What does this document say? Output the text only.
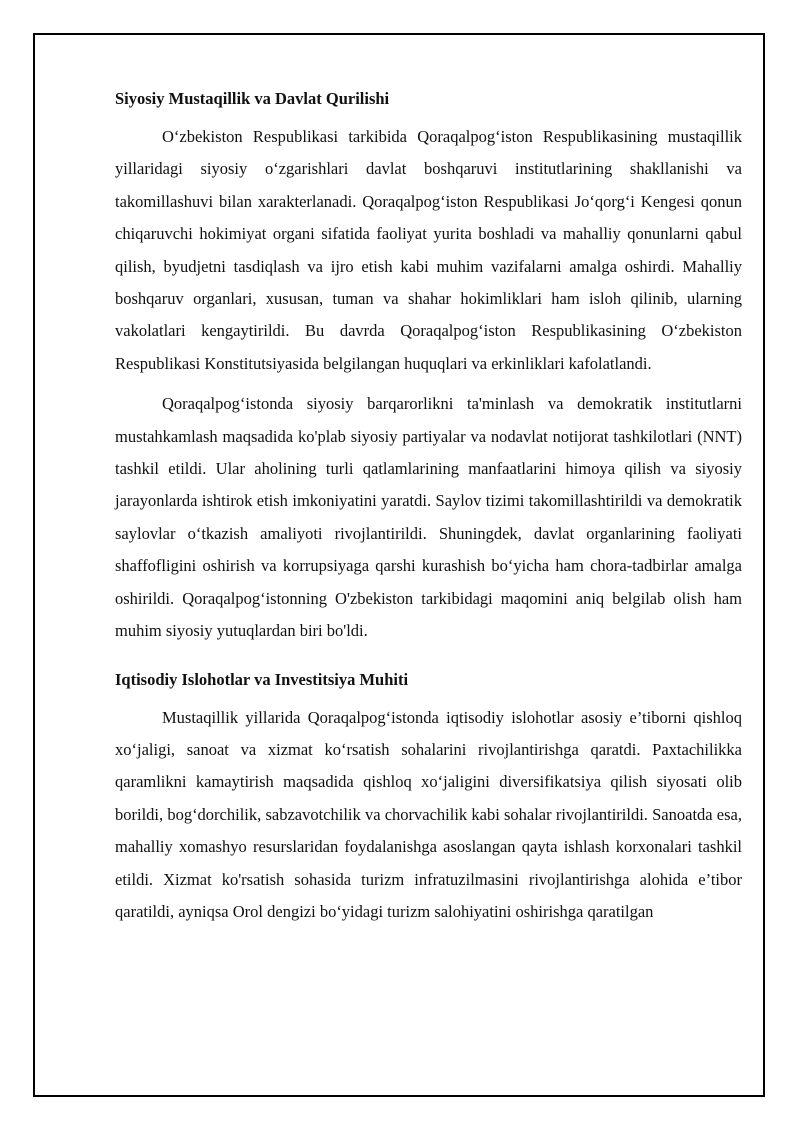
Siyosiy Mustaqillik va Davlat Qurilishi

O‘zbekiston Respublikasi tarkibida Qoraqalpog‘iston Respublikasining mustaqillik yillaridagi siyosiy o‘zgarishlari davlat boshqaruvi institutlarining shakllanishi va takomillashuvi bilan xarakterlanadi. Qoraqalpog‘iston Respublikasi Jo‘qorg‘i Kengesi qonun chiqaruvchi hokimiyat organi sifatida faoliyat yurita boshladi va mahalliy qonunlarni qabul qilish, byudjetni tasdiqlash va ijro etish kabi muhim vazifalarni amalga oshirdi. Mahalliy boshqaruv organlari, xususan, tuman va shahar hokimliklari ham isloh qilinib, ularning vakolatlari kengaytirildi. Bu davrda Qoraqalpog‘iston Respublikasining O‘zbekiston Respublikasi Konstitutsiyasida belgilangan huquqlari va erkinliklari kafolatlandi.

Qoraqalpog‘istonda siyosiy barqarorlikni ta'minlash va demokratik institutlarni mustahkamlash maqsadida ko'plab siyosiy partiyalar va nodavlat notijorat tashkilotlari (NNT) tashkil etildi. Ular aholining turli qatlamlarining manfaatlarini himoya qilish va siyosiy jarayonlarda ishtirok etish imkoniyatini yaratdi. Saylov tizimi takomillashtirildi va demokratik saylovlar o‘tkazish amaliyoti rivojlantirildi. Shuningdek, davlat organlarining faoliyati shaffofligini oshirish va korrupsiyaga qarshi kurashish bo‘yicha ham chora-tadbirlar amalga oshirildi. Qoraqalpog‘istonning O'zbekiston tarkibidagi maqomini aniq belgilab olish ham muhim siyosiy yutuqlardan biri bo'ldi.

Iqtisodiy Islohotlar va Investitsiya Muhiti

Mustaqillik yillarida Qoraqalpog‘istonda iqtisodiy islohotlar asosiy e’tiborni qishloq xo‘jaligi, sanoat va xizmat ko‘rsatish sohalarini rivojlantirishga qaratdi. Paxtachilikka qaramlikni kamaytirish maqsadida qishloq xo‘jaligini diversifikatsiya qilish siyosati olib borildi, bog‘dorchilik, sabzavotchilik va chorvachilik kabi sohalar rivojlantirildi. Sanoatda esa, mahalliy xomashyo resurslaridan foydalanishga asoslangan qayta ishlash korxonalari tashkil etildi. Xizmat ko'rsatish sohasida turizm infratuzilmasini rivojlantirishga alohida e’tibor qaratildi, ayniqsa Orol dengizi bo‘yidagi turizm salohiyatini oshirishga qaratilgan
